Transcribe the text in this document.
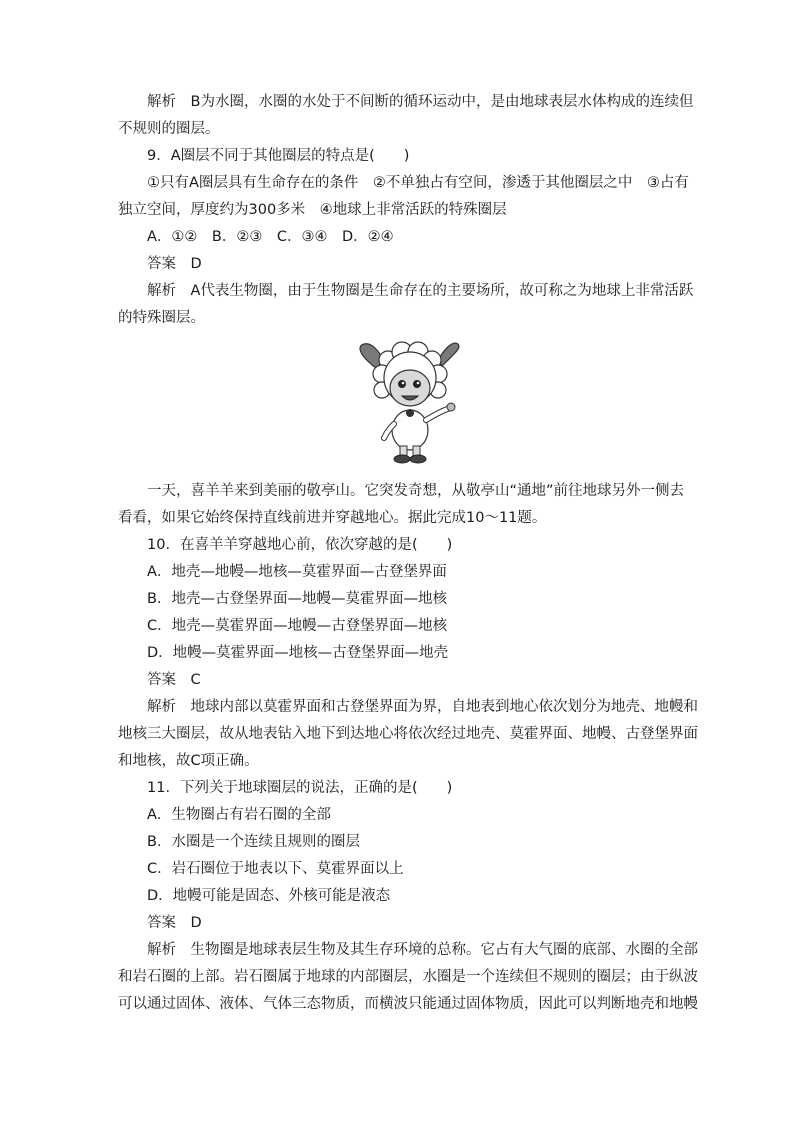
解析　B为水圈，水圈的水处于不间断的循环运动中，是由地球表层水体构成的连续但
不规则的圈层。
9．A圈层不同于其他圈层的特点是(　　)
①只有A圈层具有生命存在的条件　②不单独占有空间，渗透于其他圈层之中　③占有
独立空间，厚度约为300多米　④地球上非常活跃的特殊圈层
A．①②　B．②③　C．③④　D．②④
答案　D
解析　A代表生物圈，由于生物圈是生命存在的主要场所，故可称之为地球上非常活跃
的特殊圈层。
一天，喜羊羊来到美丽的敬亭山。它突发奇想，从敬亭山“通地”前往地球另外一侧去
看看，如果它始终保持直线前进并穿越地心。据此完成10～11题。
10．在喜羊羊穿越地心前，依次穿越的是(　　)
A．地壳—地幔—地核—莫霍界面—古登堡界面
B．地壳—古登堡界面—地幔—莫霍界面—地核
C．地壳—莫霍界面—地幔—古登堡界面—地核
D．地幔—莫霍界面—地核—古登堡界面—地壳
答案　C
解析　地球内部以莫霍界面和古登堡界面为界，自地表到地心依次划分为地壳、地幔和
地核三大圈层，故从地表钻入地下到达地心将依次经过地壳、莫霍界面、地幔、古登堡界面
和地核，故C项正确。
11．下列关于地球圈层的说法，正确的是(　　)
A．生物圈占有岩石圈的全部
B．水圈是一个连续且规则的圈层
C．岩石圈位于地表以下、莫霍界面以上
D．地幔可能是固态、外核可能是液态
答案　D
解析　生物圈是地球表层生物及其生存环境的总称。它占有大气圈的底部、水圈的全部
和岩石圈的上部。岩石圈属于地球的内部圈层，水圈是一个连续但不规则的圈层；由于纵波
可以通过固体、液体、气体三态物质，而横波只能通过固体物质，因此可以判断地壳和地幔
